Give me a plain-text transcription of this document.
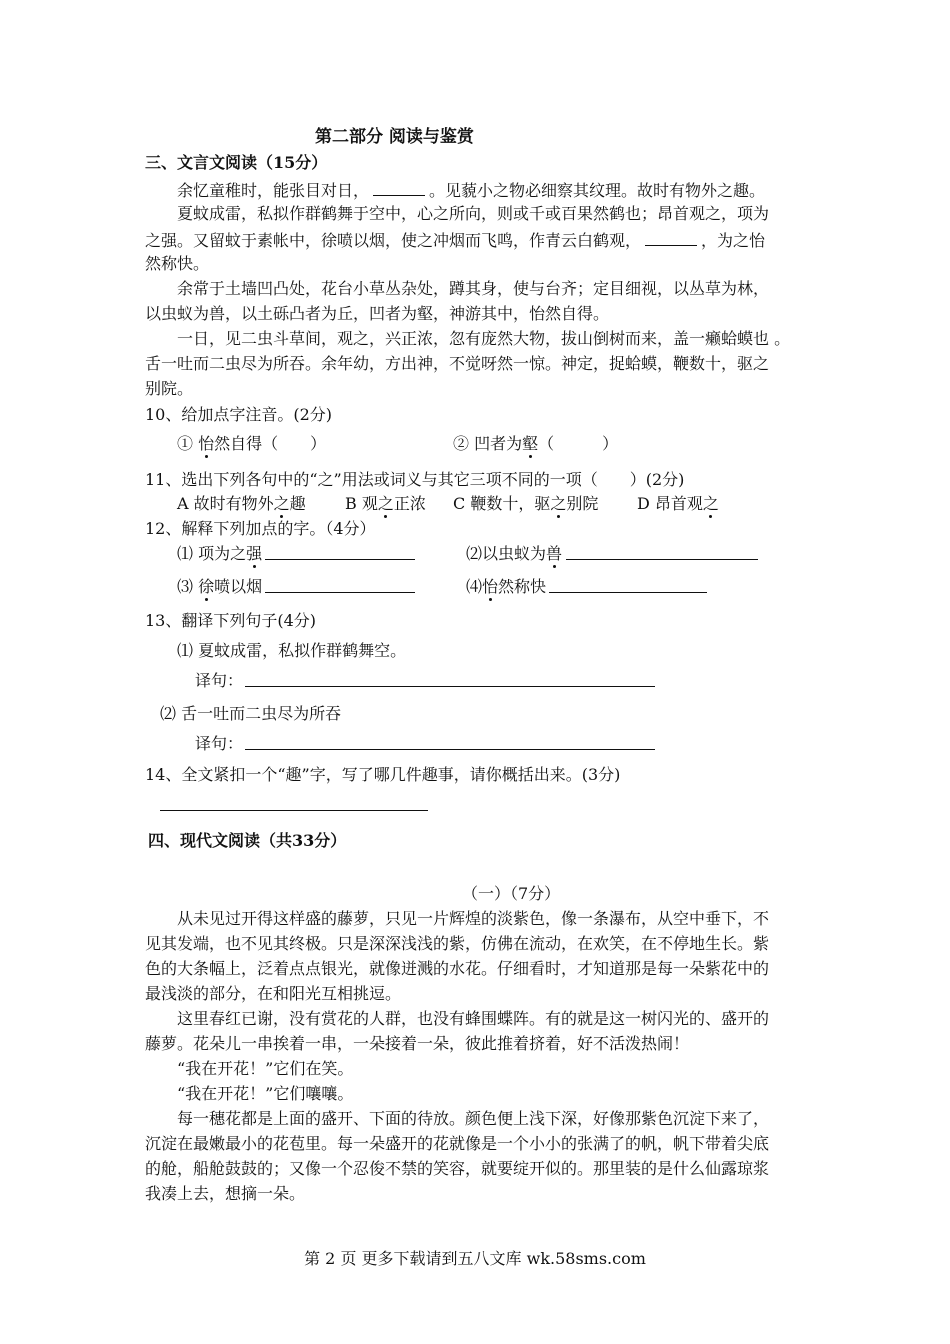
第二部分 阅读与鉴赏
三、文言文阅读（15分）
余忆童稚时，能张目对日，	。见藐小之物必细察其纹理。故时有物外之趣。
夏蚊成雷，私拟作群鹤舞于空中，心之所向，则或千或百果然鹤也；昂首观之，项为
之强。又留蚊于素帐中，徐喷以烟，使之冲烟而飞鸣，作青云白鹤观，	，为之怡
然称快。
余常于土墙凹凸处，花台小草丛杂处，蹲其身，使与台齐；定目细视，以丛草为林，
以虫蚁为兽，以土砾凸者为丘，凹者为壑，神游其中，怡然自得。
一日，见二虫斗草间，观之，兴正浓，忽有庞然大物，拔山倒树而来，盖一癞蛤蟆也 。
舌一吐而二虫尽为所吞。余年幼，方出神，不觉呀然一惊。神定，捉蛤蟆，鞭数十，驱之
别院。
10、给加点字注音。(2分)
① 怡然自得（　　）	② 凹者为壑（　　　）
11、选出下列各句中的“之”用法或词义与其它三项不同的一项（　　）(2分)
A 故时有物外之趣 B 观之正浓 C 鞭数十，驱之别院 D 昂首观之
12、解释下列加点的字。（4分）
⑴ 项为之强	⑵以虫蚁为兽
⑶ 徐喷以烟	⑷怡然称快
13、翻译下列句子(4分)
⑴ 夏蚊成雷，私拟作群鹤舞空。
译句：
⑵ 舌一吐而二虫尽为所吞
译句：
14、全文紧扣一个“趣”字，写了哪几件趣事，请你概括出来。(3分)
四、现代文阅读（共33分）
（一）（7分）
从未见过开得这样盛的藤萝，只见一片辉煌的淡紫色，像一条瀑布，从空中垂下，不
见其发端，也不见其终极。只是深深浅浅的紫，仿佛在流动，在欢笑，在不停地生长。紫
色的大条幅上，泛着点点银光，就像迸溅的水花。仔细看时，才知道那是每一朵紫花中的
最浅淡的部分，在和阳光互相挑逗。
这里春红已谢，没有赏花的人群，也没有蜂围蝶阵。有的就是这一树闪光的、盛开的
藤萝。花朵儿一串挨着一串，一朵接着一朵，彼此推着挤着，好不活泼热闹！
“我在开花！”它们在笑。
“我在开花！”它们嚷嚷。
每一穗花都是上面的盛开、下面的待放。颜色便上浅下深，好像那紫色沉淀下来了，
沉淀在最嫩最小的花苞里。每一朵盛开的花就像是一个小小的张满了的帆，帆下带着尖底
的舱，船舱鼓鼓的；又像一个忍俊不禁的笑容，就要绽开似的。那里装的是什么仙露琼浆
我凑上去，想摘一朵。
第 2 页 更多下载请到五八文库 wk.58sms.com
